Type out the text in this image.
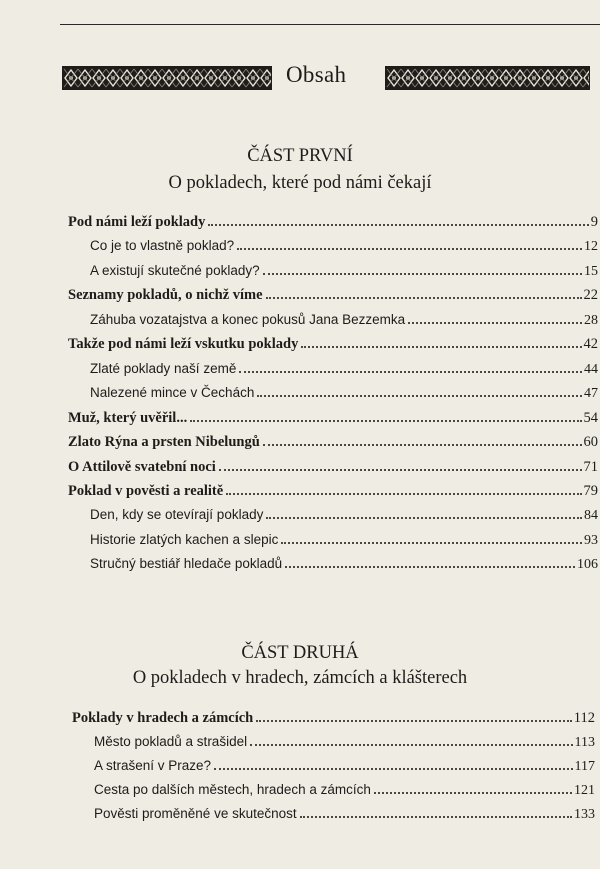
Obsah
ČÁST PRVNÍ
O pokladech, které pod námi čekají
Pod námi leží poklady	9
Co je to vlastně poklad?	12
A existují skutečné poklady?	15
Seznamy pokladů, o nichž víme	22
Záhuba vozatajstva a konec pokusů Jana Bezzemka	28
Takže pod námi leží vskutku poklady	42
Zlaté poklady naší země	44
Nalezené mince v Čechách	47
Muž, který uvěřil...	54
Zlato Rýna a prsten Nibelungů	60
O Attilově svatební noci	71
Poklad v pověsti a realitě	79
Den, kdy se otevírají poklady	84
Historie zlatých kachen a slepic	93
Stručný bestiář hledače pokladů	106
ČÁST DRUHÁ
O pokladech v hradech, zámcích a klášterech
Poklady v hradech a zámcích	112
Město pokladů a strašidel	113
A strašení v Praze?	117
Cesta po dalších městech, hradech a zámcích	121
Pověsti proměněné ve skutečnost	133
